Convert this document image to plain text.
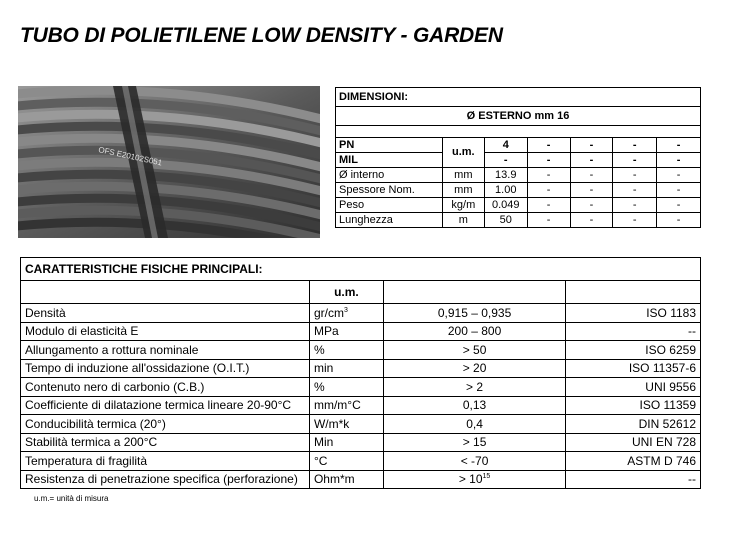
TUBO DI POLIETILENE LOW DENSITY - GARDEN
OFS E20102S051
DIMENSIONI:						
Ø ESTERNO mm 16						

PN	u.m.	4	-	-	-	-
MIL		-	-	-	-	-
Ø interno	mm	13.9	-	-	-	-
Spessore Nom.	mm	1.00	-	-	-	-
Peso	kg/m	0.049	-	-	-	-
Lunghezza	m	50	-	-	-	-
CARATTERISTICHE FISICHE PRINCIPALI:			
	u.m.		
Densità	$gr/cm^3$	0,915 – 0,935	ISO 1183
Modulo di elasticità E	MPa	200 – 800	--
Allungamento a rottura nominale	%	> 50	ISO 6259
Tempo di induzione all'ossidazione (O.I.T.)	min	> 20	ISO 11357-6
Contenuto nero di carbonio (C.B.)	%	> 2	UNI 9556
Coefficiente di dilatazione termica lineare 20-90°C	mm/m°C	0,13	ISO 11359
Conducibilità termica (20°)	W/m*k	0,4	DIN 52612
Stabilità termica a 200°C	Min	> 15	UNI EN 728
Temperatura di fragilità	°C	< -70	ASTM D 746
Resistenza di penetrazione specifica (perforazione)	Ohm*m	> $10^{15}$	--
u.m.= unità di misura
